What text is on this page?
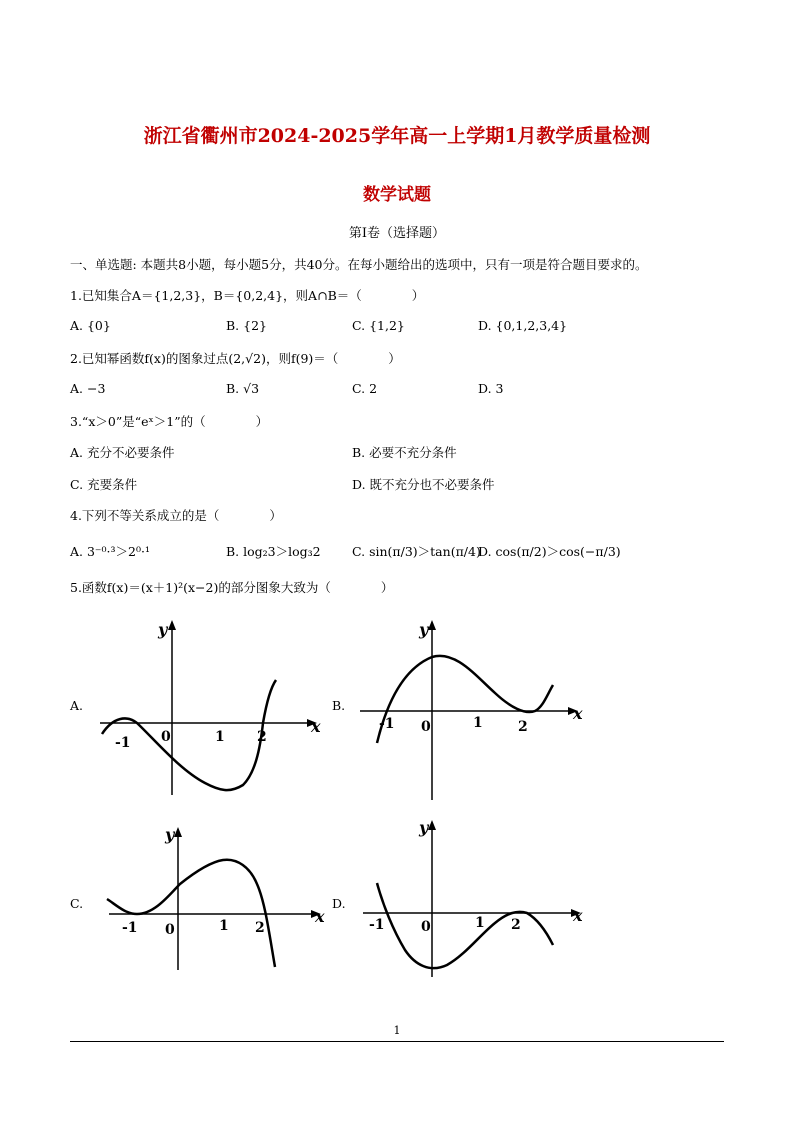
浙江省衢州市2024-2025学年高一上学期1月教学质量检测
数学试题
第I卷（选择题）
一、单选题: 本题共8小题，每小题5分，共40分。在每小题给出的选项中，只有一项是符合题目要求的。
1.已知集合A＝{1,2,3}，B＝{0,2,4}，则A∩B＝（　　　　）
A. {0}	B. {2}	C. {1,2}	D. {0,1,2,3,4}
2.已知幂函数f(x)的图象过点(2,√2)，则f(9)＝（　　　　）
A. −3	B. √3	C. 2	D. 3
3.“x＞0”是“eˣ＞1”的（　　　　）
A. 充分不必要条件	B. 必要不充分条件
C. 充要条件	D. 既不充分也不必要条件
4.下列不等关系成立的是（　　　　）
A. 3⁻⁰·³＞2⁰·¹	B. log₂3＞log₃2	C. sin(π/3)＞tan(π/4)
D. cos(π/2)＞cos(−π/3)
5.函数f(x)＝(x＋1)²(x−2)的部分图象大致为（　　　　）
A.	B.
C.	D.
y
x
-1 0	1 2
y
x
-1 0	1	2
y
x
-1 0	1 2
y
x
-1	0	1 2
1
